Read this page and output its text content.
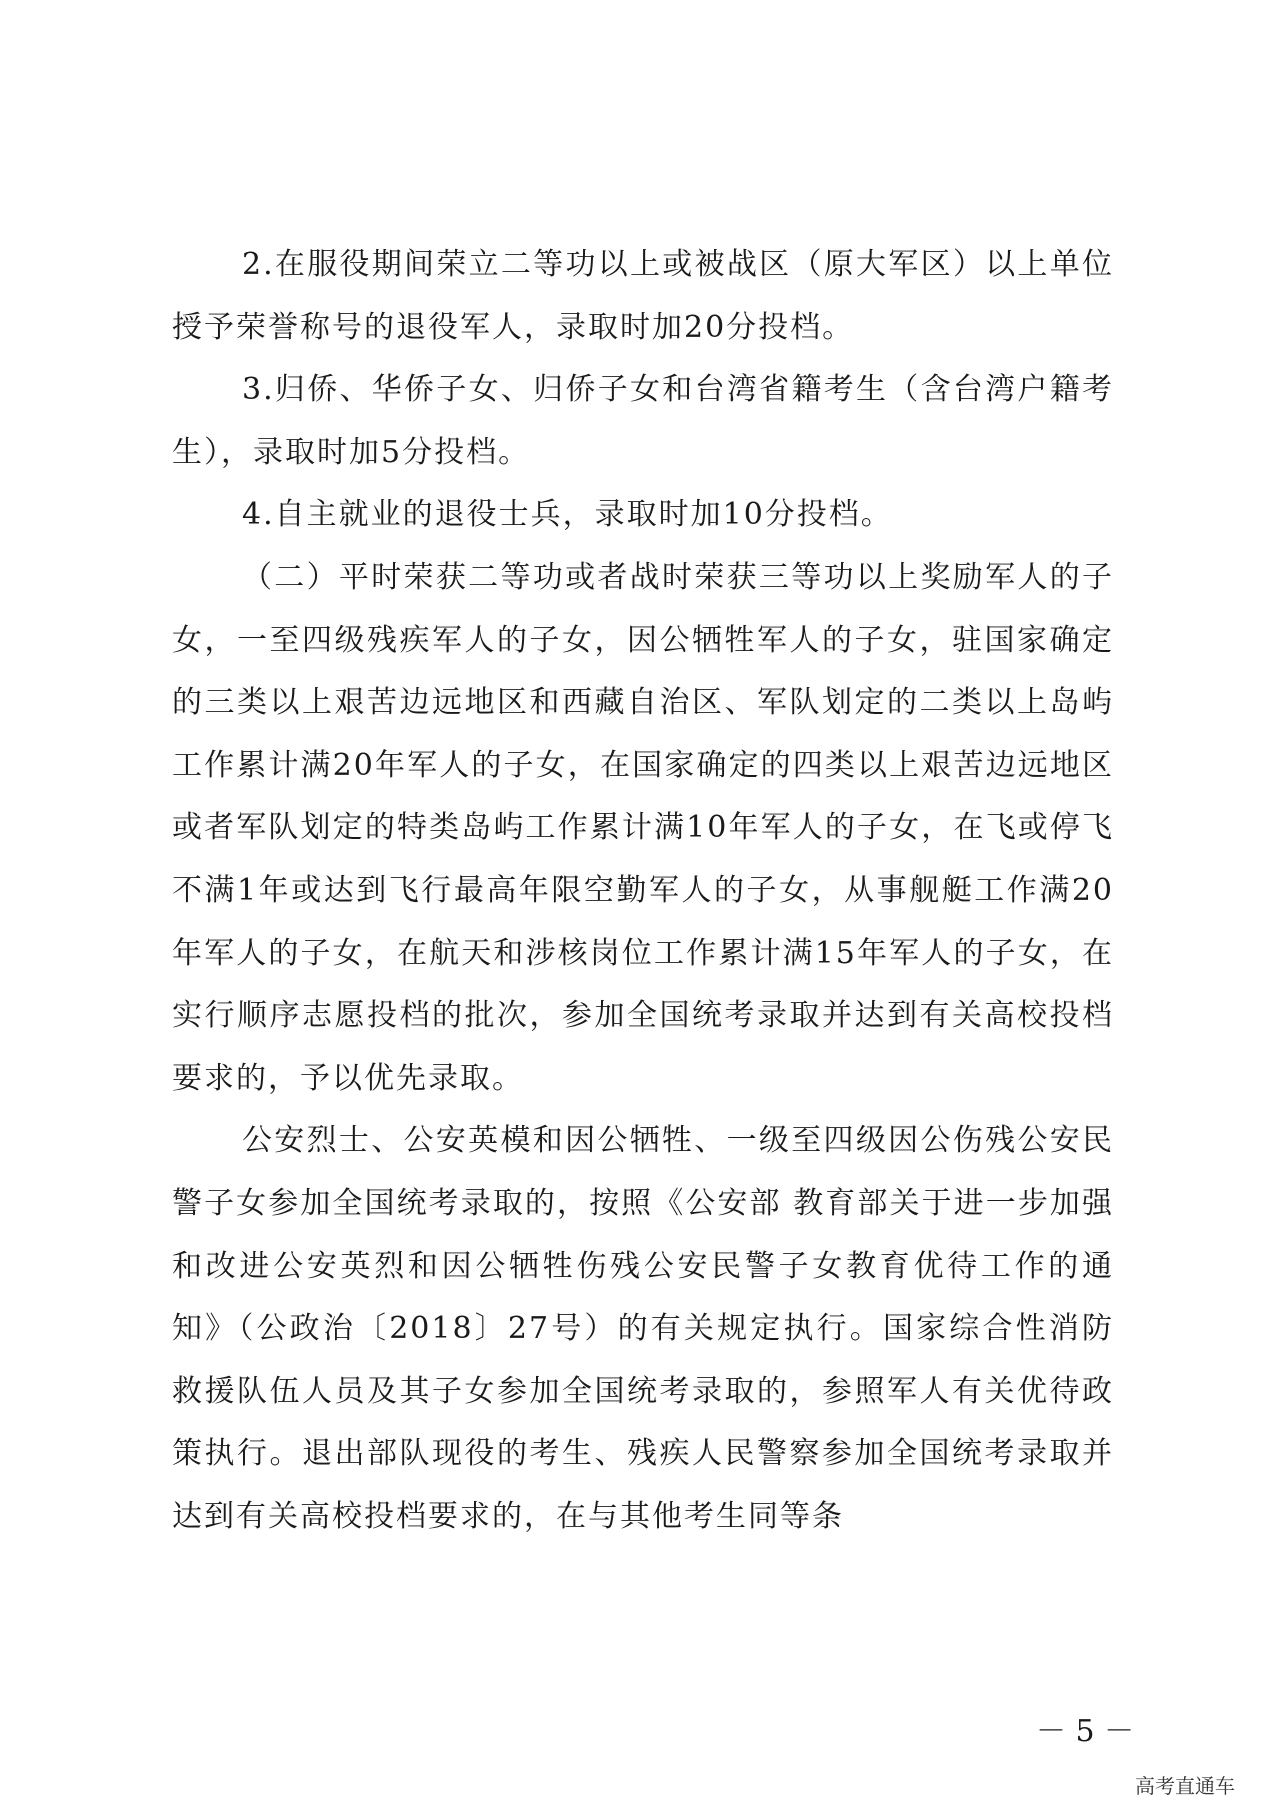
2.在服役期间荣立二等功以上或被战区（原大军区）以上单位授予荣誉称号的退役军人，录取时加20分投档。

3.归侨、华侨子女、归侨子女和台湾省籍考生（含台湾户籍考生），录取时加5分投档。

4.自主就业的退役士兵，录取时加10分投档。

（二）平时荣获二等功或者战时荣获三等功以上奖励军人的子女，一至四级残疾军人的子女，因公牺牲军人的子女，驻国家确定的三类以上艰苦边远地区和西藏自治区、军队划定的二类以上岛屿工作累计满20年军人的子女，在国家确定的四类以上艰苦边远地区或者军队划定的特类岛屿工作累计满10年军人的子女，在飞或停飞不满1年或达到飞行最高年限空勤军人的子女，从事舰艇工作满20年军人的子女，在航天和涉核岗位工作累计满15年军人的子女，在实行顺序志愿投档的批次，参加全国统考录取并达到有关高校投档要求的，予以优先录取。

公安烈士、公安英模和因公牺牲、一级至四级因公伤残公安民警子女参加全国统考录取的，按照《公安部 教育部关于进一步加强和改进公安英烈和因公牺牲伤残公安民警子女教育优待工作的通知》（公政治〔2018〕27号）的有关规定执行。国家综合性消防救援队伍人员及其子女参加全国统考录取的，参照军人有关优待政策执行。退出部队现役的考生、残疾人民警察参加全国统考录取并达到有关高校投档要求的，在与其他考生同等条

－ 5 －
高考直通车
